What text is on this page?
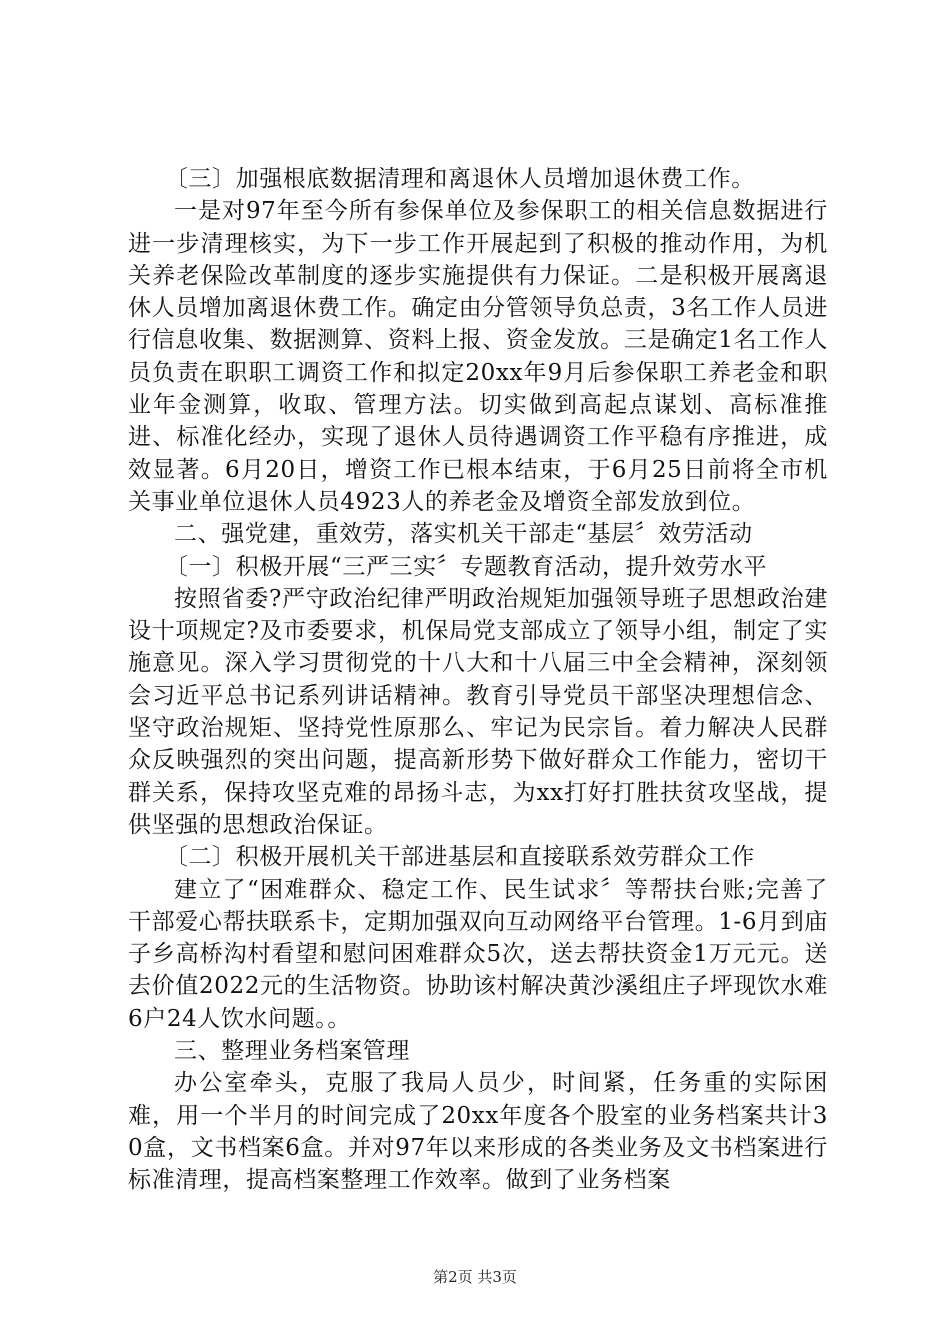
〔三〕加强根底数据清理和离退休人员增加退休费工作。

一是对97年至今所有参保单位及参保职工的相关信息数据进行进一步清理核实，为下一步工作开展起到了积极的推动作用，为机关养老保险改革制度的逐步实施提供有力保证。二是积极开展离退休人员增加离退休费工作。确定由分管领导负总责，3名工作人员进行信息收集、数据测算、资料上报、资金发放。三是确定1名工作人员负责在职职工调资工作和拟定20xx年9月后参保职工养老金和职业年金测算，收取、管理方法。切实做到高起点谋划、高标准推进、标准化经办，实现了退休人员待遇调资工作平稳有序推进，成效显著。6月20日，增资工作已根本结束，于6月25日前将全市机关事业单位退休人员4923人的养老金及增资全部发放到位。

二、强党建，重效劳，落实机关干部走“基层〞效劳活动

〔一〕积极开展“三严三实〞专题教育活动，提升效劳水平

按照省委?严守政治纪律严明政治规矩加强领导班子思想政治建设十项规定?及市委要求，机保局党支部成立了领导小组，制定了实施意见。深入学习贯彻党的十八大和十八届三中全会精神，深刻领会习近平总书记系列讲话精神。教育引导党员干部坚决理想信念、坚守政治规矩、坚持党性原那么、牢记为民宗旨。着力解决人民群众反映强烈的突出问题，提高新形势下做好群众工作能力，密切干群关系，保持攻坚克难的昂扬斗志，为xx打好打胜扶贫攻坚战，提供坚强的思想政治保证。

〔二〕积极开展机关干部进基层和直接联系效劳群众工作

建立了“困难群众、稳定工作、民生试求〞等帮扶台账;完善了干部爱心帮扶联系卡，定期加强双向互动网络平台管理。1-6月到庙子乡高桥沟村看望和慰问困难群众5次，送去帮扶资金1万元元。送去价值2022元的生活物资。协助该村解决黄沙溪组庄子坪现饮水难6户24人饮水问题。。

三、整理业务档案管理

办公室牵头，克服了我局人员少，时间紧，任务重的实际困难，用一个半月的时间完成了20xx年度各个股室的业务档案共计30盒，文书档案6盒。并对97年以来形成的各类业务及文书档案进行标准清理，提高档案整理工作效率。做到了业务档案

第2页 共3页
